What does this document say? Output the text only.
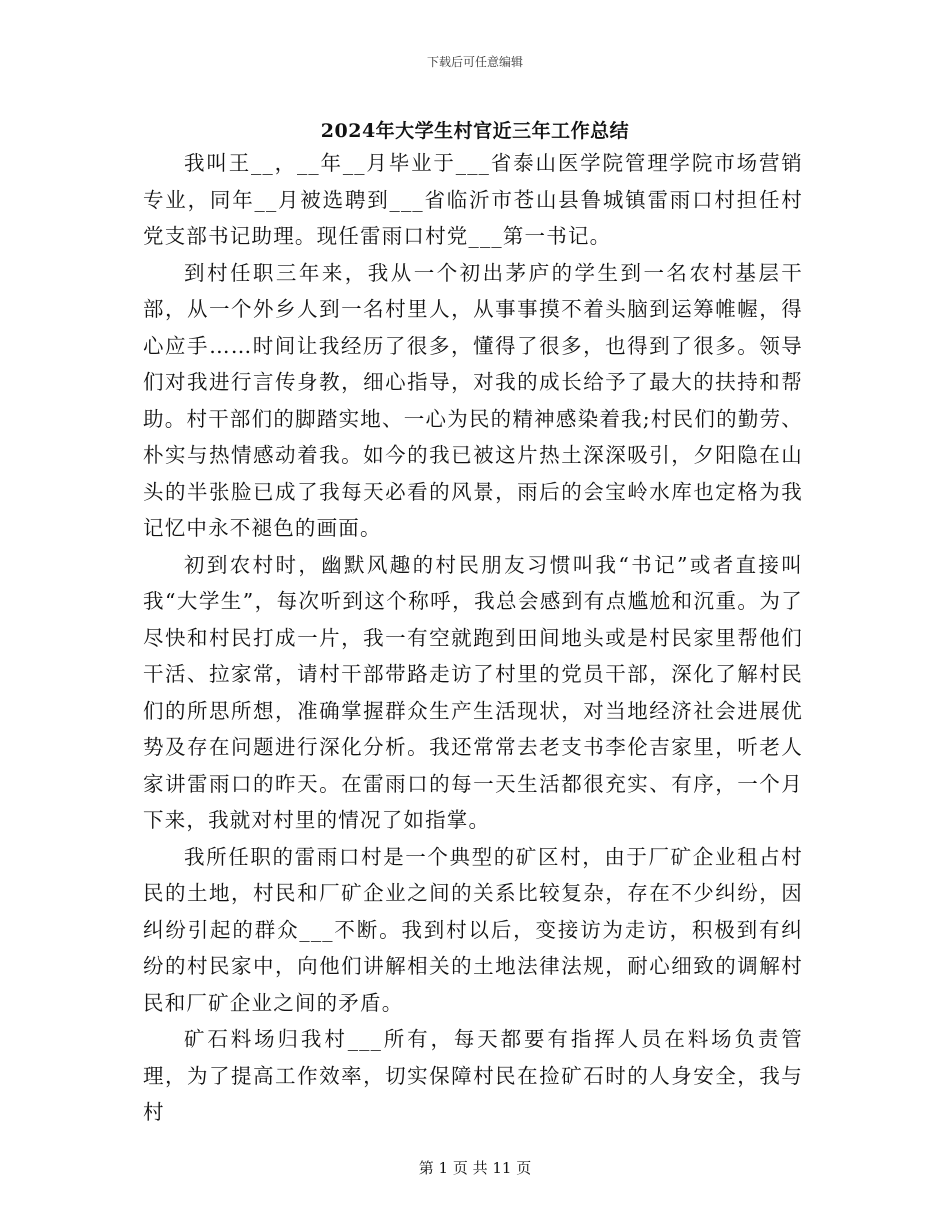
下载后可任意编辑
2024年大学生村官近三年工作总结

我叫王__，__年__月毕业于___省泰山医学院管理学院市场营销专业，同年__月被选聘到___省临沂市苍山县鲁城镇雷雨口村担任村党支部书记助理。现任雷雨口村党___第一书记。

到村任职三年来，我从一个初出茅庐的学生到一名农村基层干部，从一个外乡人到一名村里人，从事事摸不着头脑到运筹帷幄，得心应手……时间让我经历了很多，懂得了很多，也得到了很多。领导们对我进行言传身教，细心指导，对我的成长给予了最大的扶持和帮助。村干部们的脚踏实地、一心为民的精神感染着我;村民们的勤劳、朴实与热情感动着我。如今的我已被这片热土深深吸引，夕阳隐在山头的半张脸已成了我每天必看的风景，雨后的会宝岭水库也定格为我记忆中永不褪色的画面。

初到农村时，幽默风趣的村民朋友习惯叫我“书记”或者直接叫我“大学生”，每次听到这个称呼，我总会感到有点尴尬和沉重。为了尽快和村民打成一片，我一有空就跑到田间地头或是村民家里帮他们干活、拉家常，请村干部带路走访了村里的党员干部，深化了解村民们的所思所想，准确掌握群众生产生活现状，对当地经济社会进展优势及存在问题进行深化分析。我还常常去老支书李伦吉家里，听老人家讲雷雨口的昨天。在雷雨口的每一天生活都很充实、有序，一个月下来，我就对村里的情况了如指掌。

我所任职的雷雨口村是一个典型的矿区村，由于厂矿企业租占村民的土地，村民和厂矿企业之间的关系比较复杂，存在不少纠纷，因纠纷引起的群众___不断。我到村以后，变接访为走访，积极到有纠纷的村民家中，向他们讲解相关的土地法律法规，耐心细致的调解村民和厂矿企业之间的矛盾。

矿石料场归我村___所有，每天都要有指挥人员在料场负责管理，为了提高工作效率，切实保障村民在捡矿石时的人身安全，我与村

第 1 页 共 11 页
